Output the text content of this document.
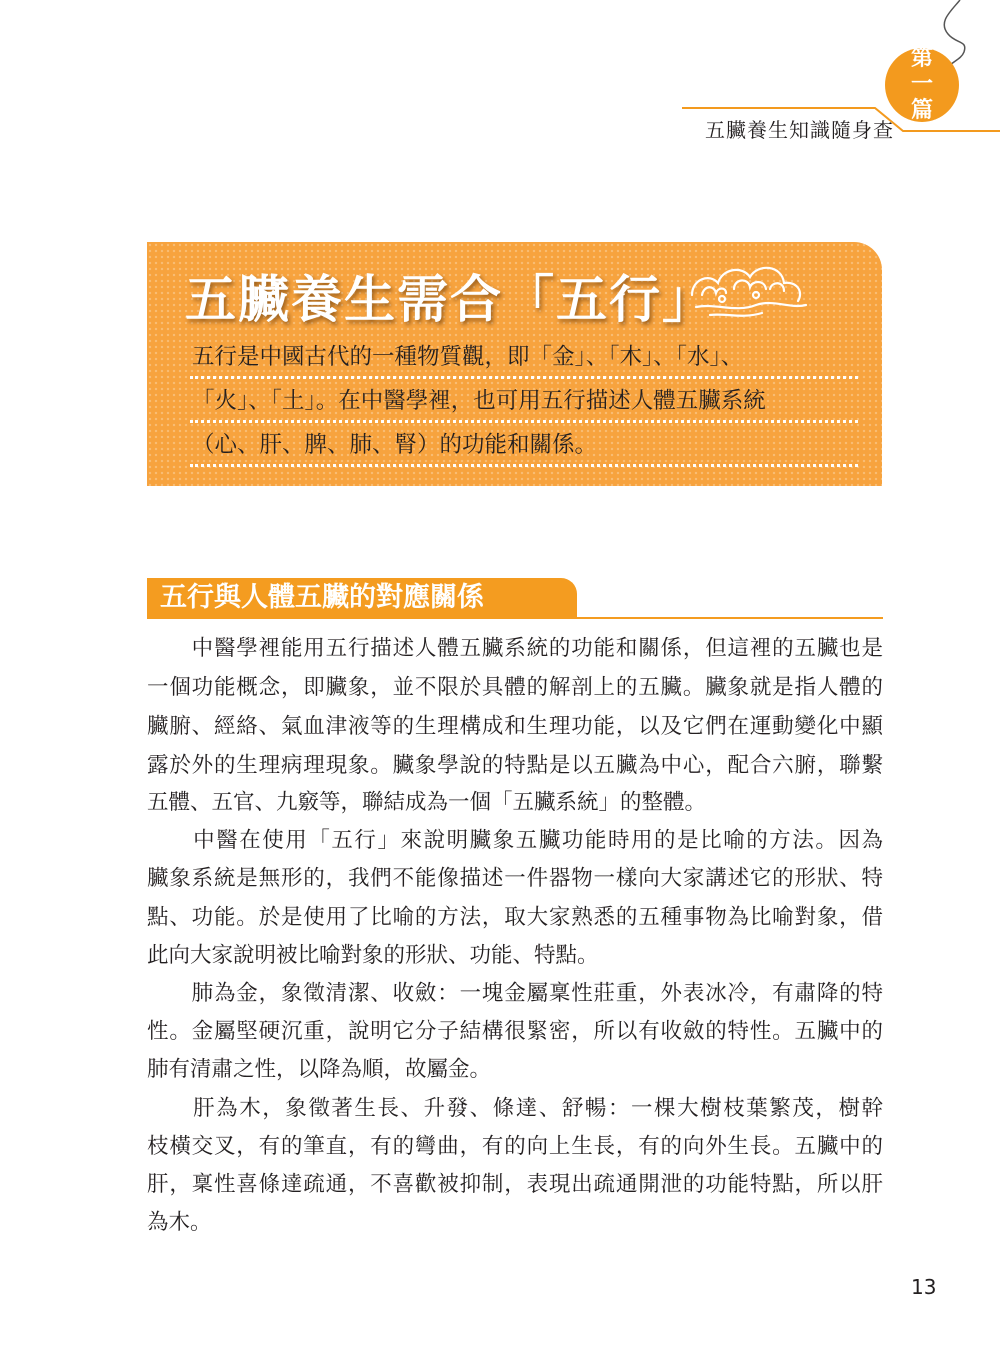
第
一
篇
五臟養生知識隨身查
五臟養生需合「五行」
五行是中國古代的一種物質觀，即「金」、「木」、「水」、
「火」、「土」。在中醫學裡，也可用五行描述人體五臟系統
（心、肝、脾、肺、腎）的功能和關係。
五行與人體五臟的對應關係
　　中醫學裡能用五行描述人體五臟系統的功能和關係，但這裡的五臟也是
一個功能概念，即臟象，並不限於具體的解剖上的五臟。臟象就是指人體的
臟腑、經絡、氣血津液等的生理構成和生理功能，以及它們在運動變化中顯
露於外的生理病理現象。臟象學說的特點是以五臟為中心，配合六腑，聯繫
五體、五官、九竅等，聯結成為一個「五臟系統」的整體。
　　中醫在使用「五行」來說明臟象五臟功能時用的是比喻的方法。因為
臟象系統是無形的，我們不能像描述一件器物一樣向大家講述它的形狀、特
點、功能。於是使用了比喻的方法，取大家熟悉的五種事物為比喻對象，借
此向大家說明被比喻對象的形狀、功能、特點。
　　肺為金，象徵清潔、收斂：一塊金屬稟性莊重，外表冰冷，有肅降的特
性。金屬堅硬沉重，說明它分子結構很緊密，所以有收斂的特性。五臟中的
肺有清肅之性，以降為順，故屬金。
　　肝為木，象徵著生長、升發、條達、舒暢：一棵大樹枝葉繁茂，樹幹
枝橫交叉，有的筆直，有的彎曲，有的向上生長，有的向外生長。五臟中的
肝，稟性喜條達疏通，不喜歡被抑制，表現出疏通開泄的功能特點，所以肝
為木。
13
